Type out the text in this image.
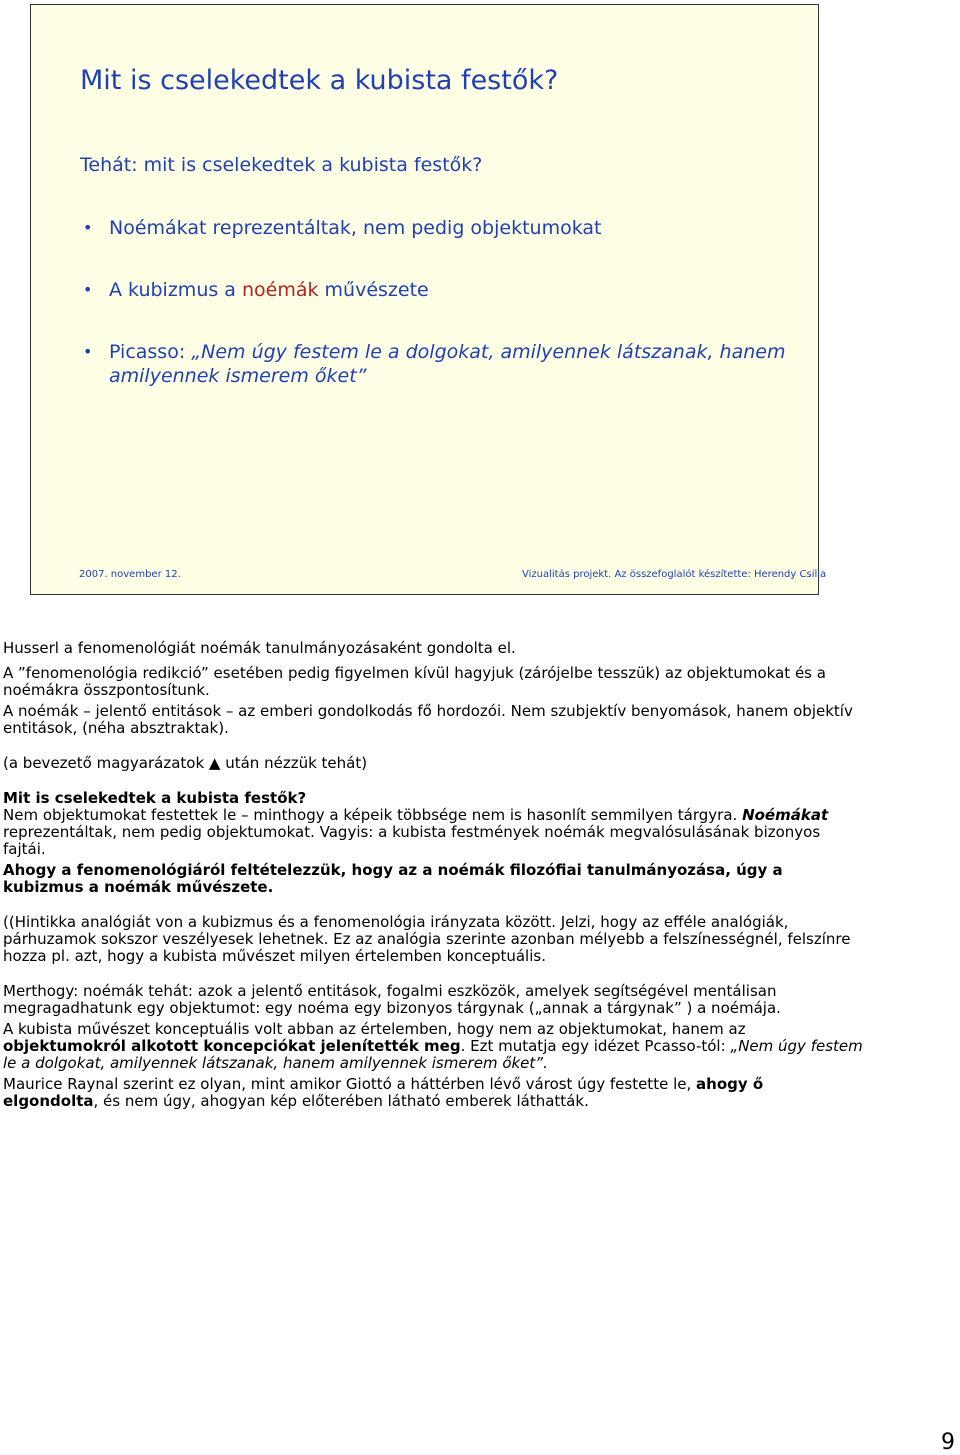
Mit is cselekedtek a kubista festők?
Tehát: mit is cselekedtek a kubista festők?
• Noémákat reprezentáltak, nem pedig objektumokat
• A kubizmus a noémák művészete
• Picasso: „Nem úgy festem le a dolgokat, amilyennek látszanak, hanem amilyennek ismerem őket”
2007. november 12.	Vizualitás projekt. Az összefoglalót készítette: Herendy Csilla

Husserl a fenomenológiát noémák tanulmányozásaként gondolta el.

A ”fenomenológia redikció” esetében pedig figyelmen kívül hagyjuk (zárójelbe tesszük) az objektumokat és a noémákra összpontosítunk.

A noémák – jelentő entitások – az emberi gondolkodás fő hordozói. Nem szubjektív benyomások, hanem objektív entitások, (néha absztraktak).

(a bevezető magyarázatok ▲ után nézzük tehát)

Mit is cselekedtek a kubista festők?

Nem objektumokat festettek le – minthogy a képeik többsége nem is hasonlít semmilyen tárgyra. Noémákat reprezentáltak, nem pedig objektumokat. Vagyis: a kubista festmények noémák megvalósulásának bizonyos fajtái.

Ahogy a fenomenológiáról feltételezzük, hogy az a noémák filozófiai tanulmányozása, úgy a kubizmus a noémák művészete.

((Hintikka analógiát von a kubizmus és a fenomenológia irányzata között. Jelzi, hogy az efféle analógiák, párhuzamok sokszor veszélyesek lehetnek. Ez az analógia szerinte azonban mélyebb a felszínességnél, felszínre hozza pl. azt, hogy a kubista művészet milyen értelemben konceptuális.

Merthogy: noémák tehát: azok a jelentő entitások, fogalmi eszközök, amelyek segítségével mentálisan megragadhatunk egy objektumot: egy noéma egy bizonyos tárgynak („annak a tárgynak” ) a noémája.

A kubista művészet konceptuális volt abban az értelemben, hogy nem az objektumokat, hanem az objektumokról alkotott koncepciókat jelenítették meg. Ezt mutatja egy idézet Pcasso-tól: „Nem úgy festem le a dolgokat, amilyennek látszanak, hanem amilyennek ismerem őket”.

Maurice Raynal szerint ez olyan, mint amikor Giottó a háttérben lévő várost úgy festette le, ahogy ő elgondolta, és nem úgy, ahogyan kép előterében látható emberek láthatták.

9
